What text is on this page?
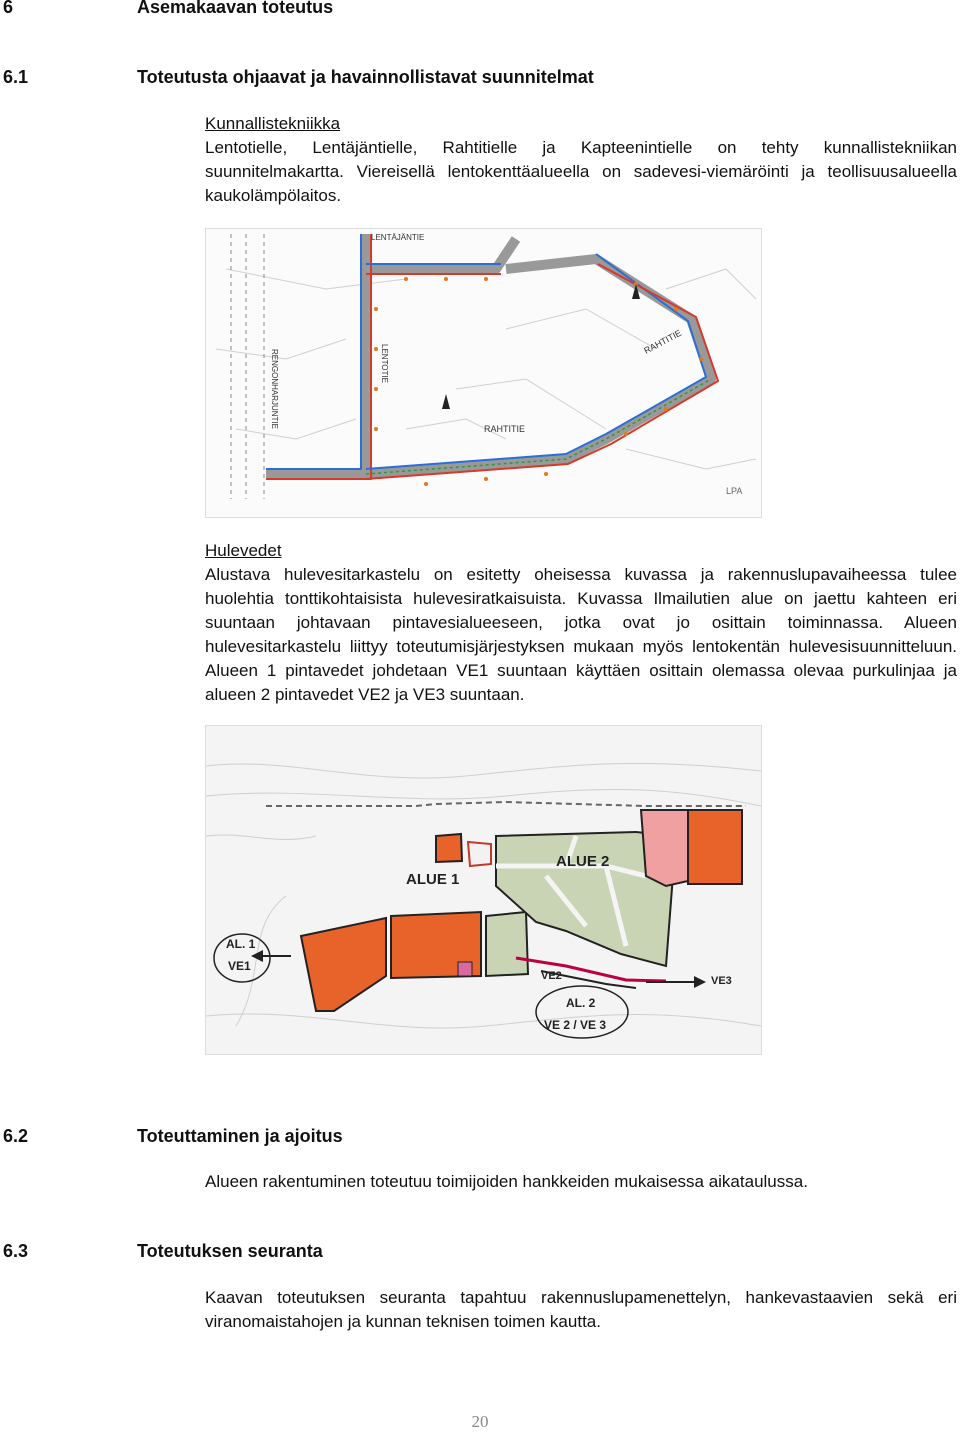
6	Asemakaavan toteutus
6.1	Toteutusta ohjaavat ja havainnollistavat suunnitelmat
Kunnallistekniikka
Lentotielle, Lentäjäntielle, Rahtitielle ja Kapteenintielle on tehty kunnallistekniikan suunnitelmakartta. Viereisellä lentokenttäalueella on sadevesi-viemäröinti ja teollisuusalueella kaukolämpölaitos.
LENTÄJÄNTIE
LENTOTIE
RENGONHARJUNTIE	RAHTITIE
RAHTITIE
LPA
Hulevedet
Alustava hulevesitarkastelu on esitetty oheisessa kuvassa ja rakennuslupavaiheessa tulee huolehtia tonttikohtaisista hulevesiratkaisuista. Kuvassa Ilmailutien alue on jaettu kahteen eri suuntaan johtavaan pintavesialueeseen, jotka ovat jo osittain toiminnassa. Alueen hulevesitarkastelu liittyy toteutumisjärjestyksen mukaan myös lentokentän hulevesisuunnitteluun. Alueen 1 pintavedet johdetaan VE1 suuntaan käyttäen osittain olemassa olevaa purkulinjaa ja alueen 2 pintavedet VE2 ja VE3 suuntaan.
ALUE 1
ALUE 2
AL. 1
VE1
VE2	VE3
AL. 2
VE 2 / VE 3
6.2	Toteuttaminen ja ajoitus
Alueen rakentuminen toteutuu toimijoiden hankkeiden mukaisessa aikataulussa.
6.3	Toteutuksen seuranta
Kaavan toteutuksen seuranta tapahtuu rakennuslupamenettelyn, hankevastaavien sekä eri viranomaistahojen ja kunnan teknisen toimen kautta.
20
